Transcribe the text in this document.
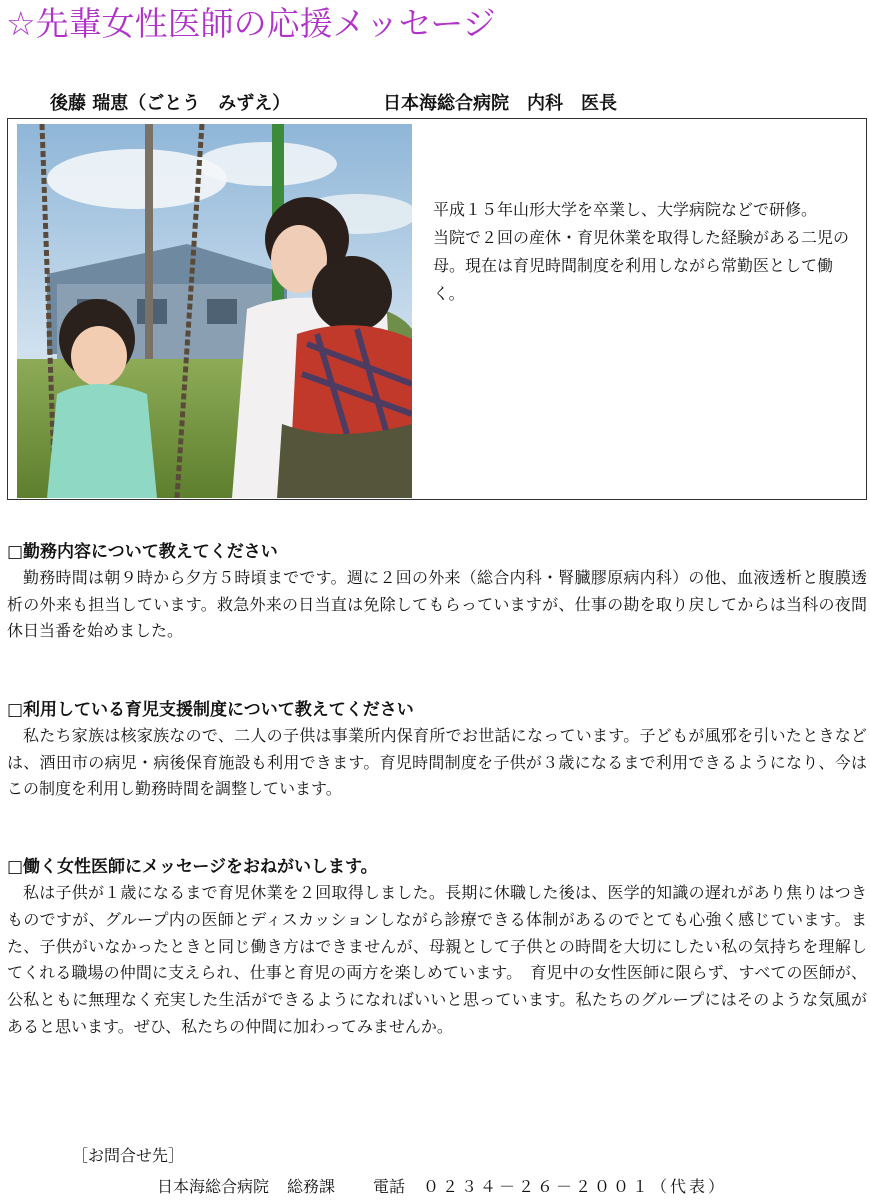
☆先輩女性医師の応援メッセージ
後藤 瑞恵（ごとう　みずえ）	日本海総合病院　内科　医長

平成１５年山形大学を卒業し、大学病院などで研修。

当院で２回の産休・育児休業を取得した経験がある二児の母。現在は育児時間制度を利用しながら常勤医として働く。

□勤務内容について教えてください

勤務時間は朝９時から夕方５時頃までです。週に２回の外来（総合内科・腎臓膠原病内科）の他、血液透析と腹膜透析の外来も担当しています。救急外来の日当直は免除してもらっていますが、仕事の勘を取り戻してからは当科の夜間休日当番を始めました。

□利用している育児支援制度について教えてください

私たち家族は核家族なので、二人の子供は事業所内保育所でお世話になっています。子どもが風邪を引いたときなどは、酒田市の病児・病後保育施設も利用できます。育児時間制度を子供が３歳になるまで利用できるようになり、今はこの制度を利用し勤務時間を調整しています。

□働く女性医師にメッセージをおねがいします。

私は子供が１歳になるまで育児休業を２回取得しました。長期に休職した後は、医学的知識の遅れがあり焦りはつきものですが、グループ内の医師とディスカッションしながら診療できる体制があるのでとても心強く感じています。また、子供がいなかったときと同じ働き方はできませんが、母親として子供との時間を大切にしたい私の気持ちを理解してくれる職場の仲間に支えられ、仕事と育児の両方を楽しめています。　育児中の女性医師に限らず、すべての医師が、公私ともに無理なく充実した生活ができるようになればいいと思っています。私たちのグループにはそのような気風があると思います。ぜひ、私たちの仲間に加わってみませんか。

［お問合せ先］
日本海総合病院 総務課 電話 ０２３４－２６－２００１（代表）
